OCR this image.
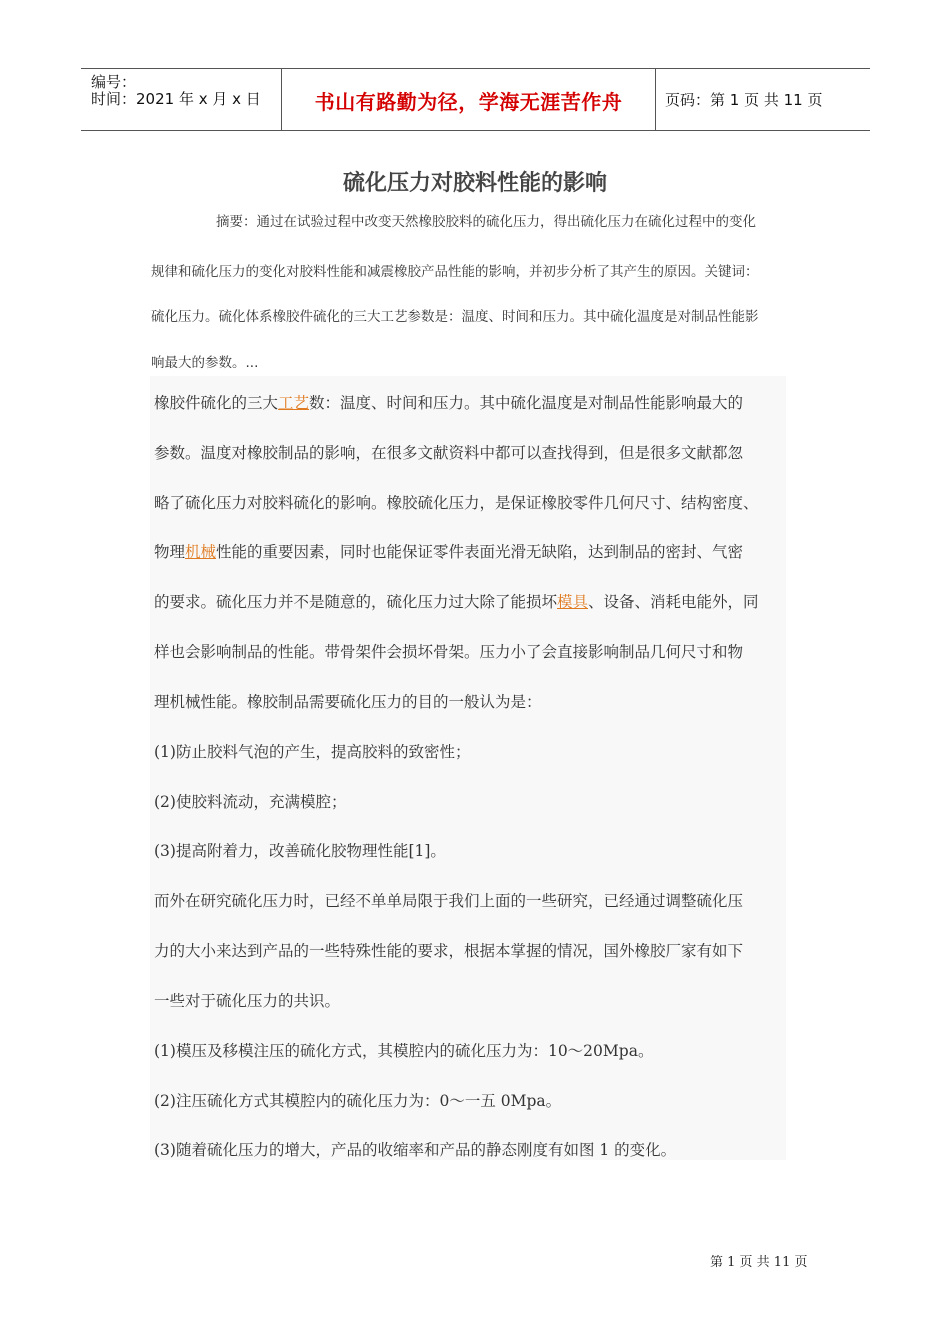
编号：
时间：2021 年 x 月 x 日	书山有路勤为径，学海无涯苦作舟	页码：第 1 页 共 11 页
硫化压力对胶料性能的影响
摘要：通过在试验过程中改变天然橡胶胶料的硫化压力，得出硫化压力在硫化过程中的变化
规律和硫化压力的变化对胶料性能和减震橡胶产品性能的影响，并初步分析了其产生的原因。关键词：
硫化压力。硫化体系橡胶件硫化的三大工艺参数是：温度、时间和压力。其中硫化温度是对制品性能影
响最大的参数。...
橡胶件硫化的三大工艺数：温度、时间和压力。其中硫化温度是对制品性能影响最大的
参数。温度对橡胶制品的影响，在很多文献资料中都可以查找得到，但是很多文献都忽
略了硫化压力对胶料硫化的影响。橡胶硫化压力，是保证橡胶零件几何尺寸、结构密度、
物理机械性能的重要因素，同时也能保证零件表面光滑无缺陷，达到制品的密封、气密
的要求。硫化压力并不是随意的，硫化压力过大除了能损坏模具、设备、消耗电能外，同
样也会影响制品的性能。带骨架件会损坏骨架。压力小了会直接影响制品几何尺寸和物
理机械性能。橡胶制品需要硫化压力的目的一般认为是：
(1)防止胶料气泡的产生，提高胶料的致密性；
(2)使胶料流动，充满模腔；
(3)提高附着力，改善硫化胶物理性能[1]。
而外在研究硫化压力时，已经不单单局限于我们上面的一些研究，已经通过调整硫化压
力的大小来达到产品的一些特殊性能的要求，根据本掌握的情况，国外橡胶厂家有如下
一些对于硫化压力的共识。
(1)模压及移模注压的硫化方式，其模腔内的硫化压力为：10～20Mpa。
(2)注压硫化方式其模腔内的硫化压力为：0～一五 0Mpa。
(3)随着硫化压力的增大，产品的收缩率和产品的静态刚度有如图 1 的变化。
第 1 页 共 11 页
